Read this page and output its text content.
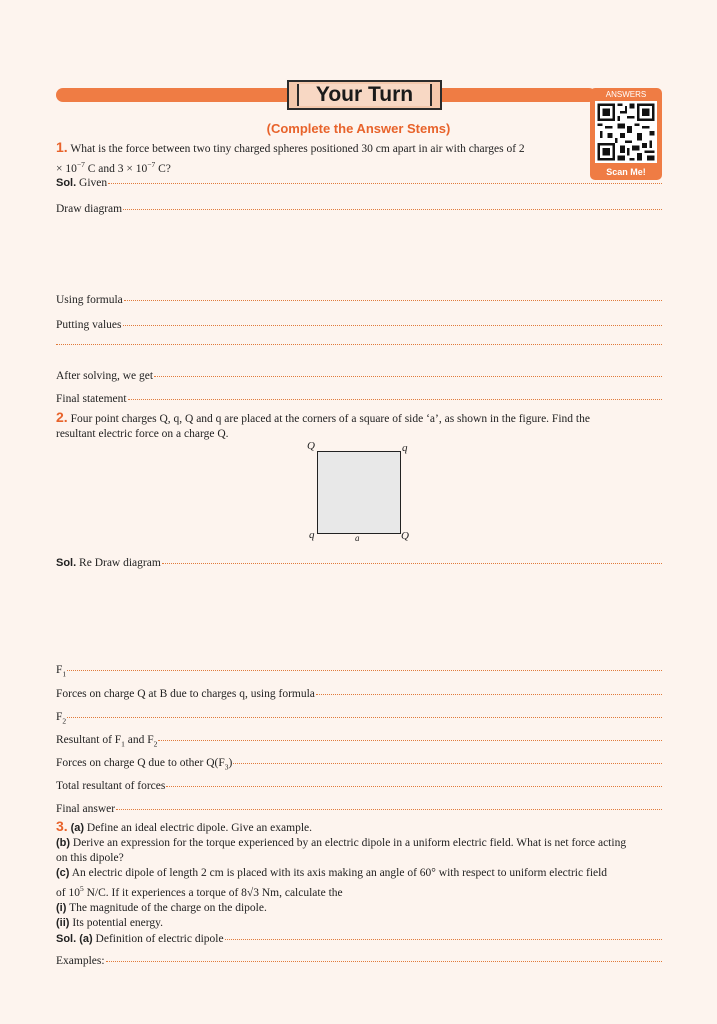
Your Turn
(Complete the Answer Stems)
ANSWERS
Scan Me!
1. What is the force between two tiny charged spheres positioned 30 cm apart in air with charges of 2
× $10^{-7}$ C and $3 \times 10^{-7}$ C?
Sol. Given
Draw diagram
Using formula
Putting values
After solving, we get
Final statement
2. Four point charges Q, q, Q and q are placed at the corners of a square of side ‘a’, as shown in the figure. Find the
resultant electric force on a charge Q.
Q	q
q	Q
a
Sol. Re Draw diagram
$F_1$
Forces on charge Q at B due to charges q, using formula
$F_2$
Resultant of $F_1$ and $F_2$
Forces on charge Q due to other $Q(F_3)$
Total resultant of forces
Final answer
3. (a) Define an ideal electric dipole. Give an example.
(b) Derive an expression for the torque experienced by an electric dipole in a uniform electric field. What is net force acting
on this dipole?
(c) An electric dipole of length 2 cm is placed with its axis making an angle of 60° with respect to uniform electric field
of $10^5$ N/C. If it experiences a torque of 8√3 Nm, calculate the
(i) The magnitude of the charge on the dipole.
(ii) Its potential energy.
Sol. (a) Definition of electric dipole
Examples:
